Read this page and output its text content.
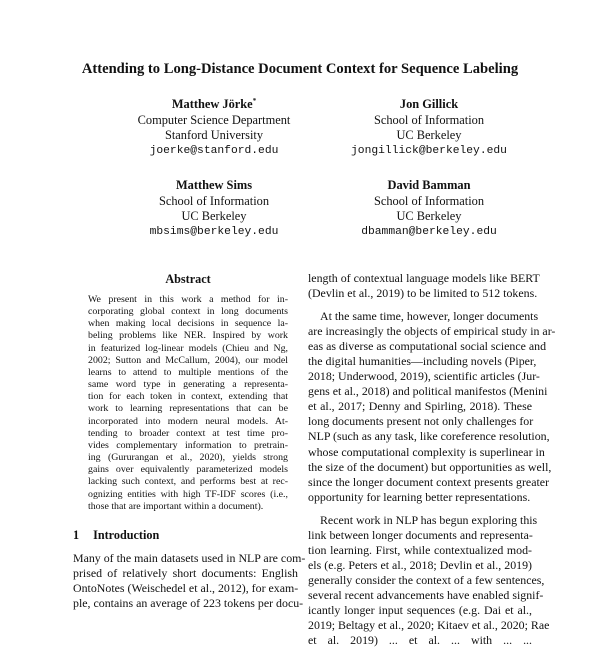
Attending to Long-Distance Document Context for Sequence Labeling
Matthew Jörke*
Computer Science Department
Stanford University
joerke@stanford.edu
Jon Gillick
School of Information
UC Berkeley
jongillick@berkeley.edu
Matthew Sims
School of Information
UC Berkeley
mbsims@berkeley.edu
David Bamman
School of Information
UC Berkeley
dbamman@berkeley.edu
Abstract
We present in this work a method for in-
corporating global context in long documents
when making local decisions in sequence la-
beling problems like NER. Inspired by work
in featurized log-linear models (Chieu and Ng,
2002; Sutton and McCallum, 2004), our model
learns to attend to multiple mentions of the
same word type in generating a representa-
tion for each token in context, extending that
work to learning representations that can be
incorporated into modern neural models. At-
tending to broader context at test time pro-
vides complementary information to pretrain-
ing (Gururangan et al., 2020), yields strong
gains over equivalently parameterized models
lacking such context, and performs best at rec-
ognizing entities with high TF-IDF scores (i.e.,
those that are important within a document).
1 Introduction
Many of the main datasets used in NLP are com-
prised of relatively short documents: English
OntoNotes (Weischedel et al., 2012), for exam-
ple, contains an average of 223 tokens per docu-
length of contextual language models like BERT
(Devlin et al., 2019) to be limited to 512 tokens.
At the same time, however, longer documents
are increasingly the objects of empirical study in ar-
eas as diverse as computational social science and
the digital humanities—including novels (Piper,
2018; Underwood, 2019), scientific articles (Jur-
gens et al., 2018) and political manifestos (Menini
et al., 2017; Denny and Spirling, 2018). These
long documents present not only challenges for
NLP (such as any task, like coreference resolution,
whose computational complexity is superlinear in
the size of the document) but opportunities as well,
since the longer document context presents greater
opportunity for learning better representations.
Recent work in NLP has begun exploring this
link between longer documents and representa-
tion learning. First, while contextualized mod-
els (e.g. Peters et al., 2018; Devlin et al., 2019)
generally consider the context of a few sentences,
several recent advancements have enabled signif-
icantly longer input sequences (e.g. Dai et al.,
2019; Beltagy et al., 2020; Kitaev et al., 2020; Rae
et al. 2019) ... et al. ... with ... ...
